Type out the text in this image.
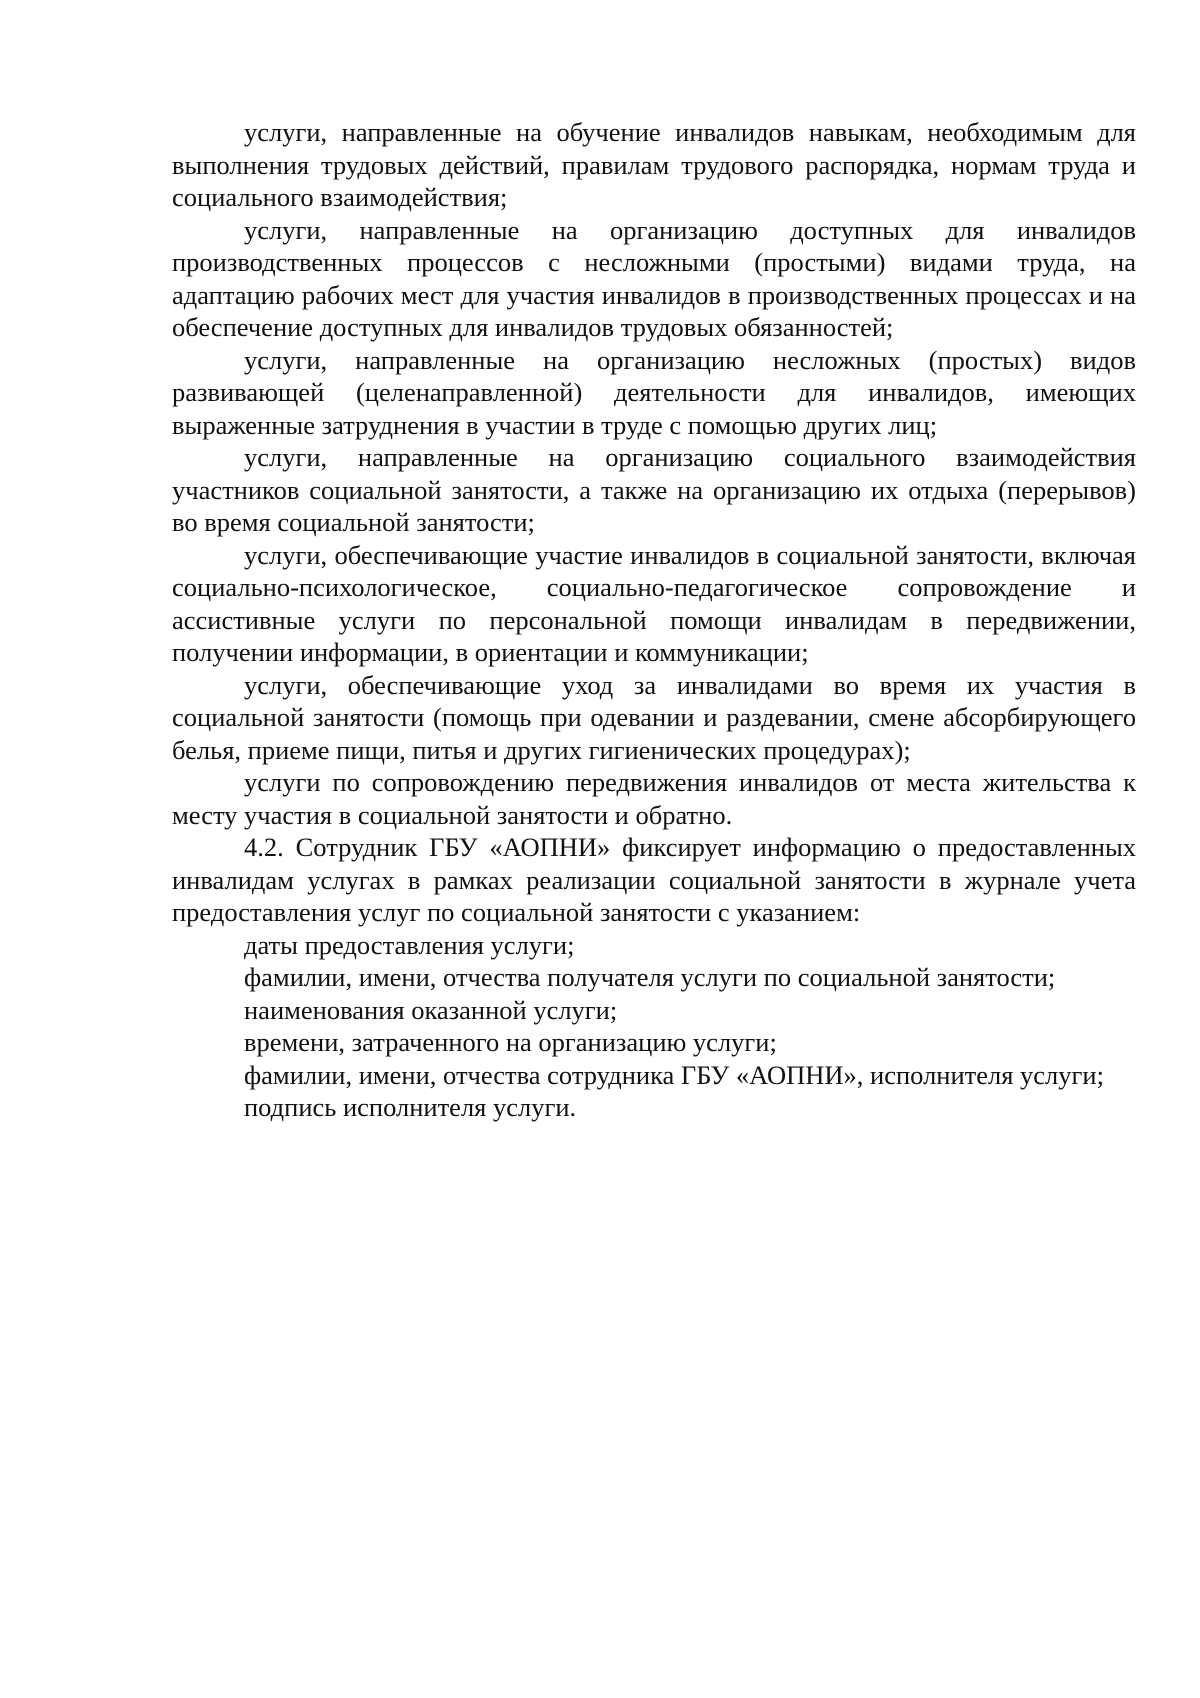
услуги, направленные на обучение инвалидов навыкам, необходимым для выполнения трудовых действий, правилам трудового распорядка, нормам труда и социального взаимодействия;

услуги, направленные на организацию доступных для инвалидов производственных процессов с несложными (простыми) видами труда, на адаптацию рабочих мест для участия инвалидов в производственных процессах и на обеспечение доступных для инвалидов трудовых обязанностей;

услуги, направленные на организацию несложных (простых) видов развивающей (целенаправленной) деятельности для инвалидов, имеющих выраженные затруднения в участии в труде с помощью других лиц;

услуги, направленные на организацию социального взаимодействия участников социальной занятости, а также на организацию их отдыха (перерывов) во время социальной занятости;

услуги, обеспечивающие участие инвалидов в социальной занятости, включая социально-психологическое, социально-педагогическое сопровождение и ассистивные услуги по персональной помощи инвалидам в передвижении, получении информации, в ориентации и коммуникации;

услуги, обеспечивающие уход за инвалидами во время их участия в социальной занятости (помощь при одевании и раздевании, смене абсорбирующего белья, приеме пищи, питья и других гигиенических процедурах);

услуги по сопровождению передвижения инвалидов от места жительства к месту участия в социальной занятости и обратно.

4.2. Сотрудник ГБУ «АОПНИ» фиксирует информацию о предоставленных инвалидам услугах в рамках реализации социальной занятости в журнале учета предоставления услуг по социальной занятости с указанием:

даты предоставления услуги;

фамилии, имени, отчества получателя услуги по социальной занятости;

наименования оказанной услуги;

времени, затраченного на организацию услуги;

фамилии, имени, отчества сотрудника ГБУ «АОПНИ», исполнителя услуги;

подпись исполнителя услуги.
